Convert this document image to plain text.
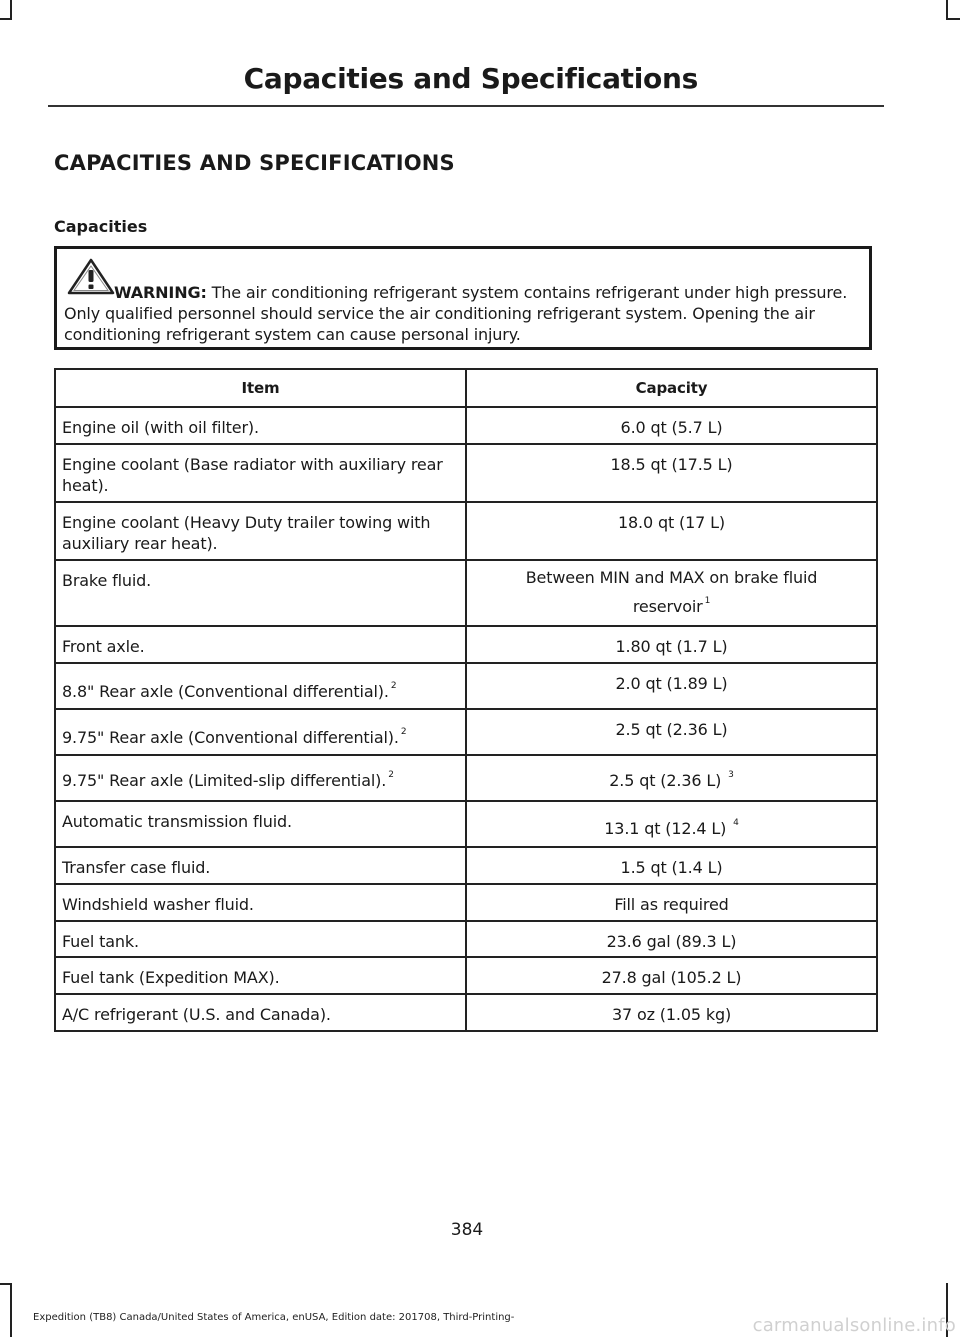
Capacities and Specifications
CAPACITIES AND SPECIFICATIONS
Capacities
WARNING: The air conditioning refrigerant system contains refrigerant under high pressure. Only qualified personnel should service the air conditioning refrigerant system. Opening the air conditioning refrigerant system can cause personal injury.
Item	Capacity
Engine oil (with oil filter).	6.0 qt (5.7 L)
Engine coolant (Base radiator with auxiliary rear heat).	18.5 qt (17.5 L)
Engine coolant (Heavy Duty trailer towing with auxiliary rear heat).	18.0 qt (17 L)
Brake fluid.	Between MIN and MAX on brake fluid reservoir $^1$
Front axle.	1.80 qt (1.7 L)
8.8" Rear axle (Conventional differential). $^2$	2.0 qt (1.89 L)
9.75" Rear axle (Conventional differential). $^2$	2.5 qt (2.36 L)
9.75" Rear axle (Limited-slip differential). $^2$	2.5 qt (2.36 L) $^3$
Automatic transmission fluid.	13.1 qt (12.4 L) $^4$
Transfer case fluid.	1.5 qt (1.4 L)
Windshield washer fluid.	Fill as required
Fuel tank.	23.6 gal (89.3 L)
Fuel tank (Expedition MAX).	27.8 gal (105.2 L)
A/C refrigerant (U.S. and Canada).	37 oz (1.05 kg)
384
Expedition (TB8) Canada/United States of America, enUSA, Edition date: 201708, Third-Printing-	carmanualsonline.info
